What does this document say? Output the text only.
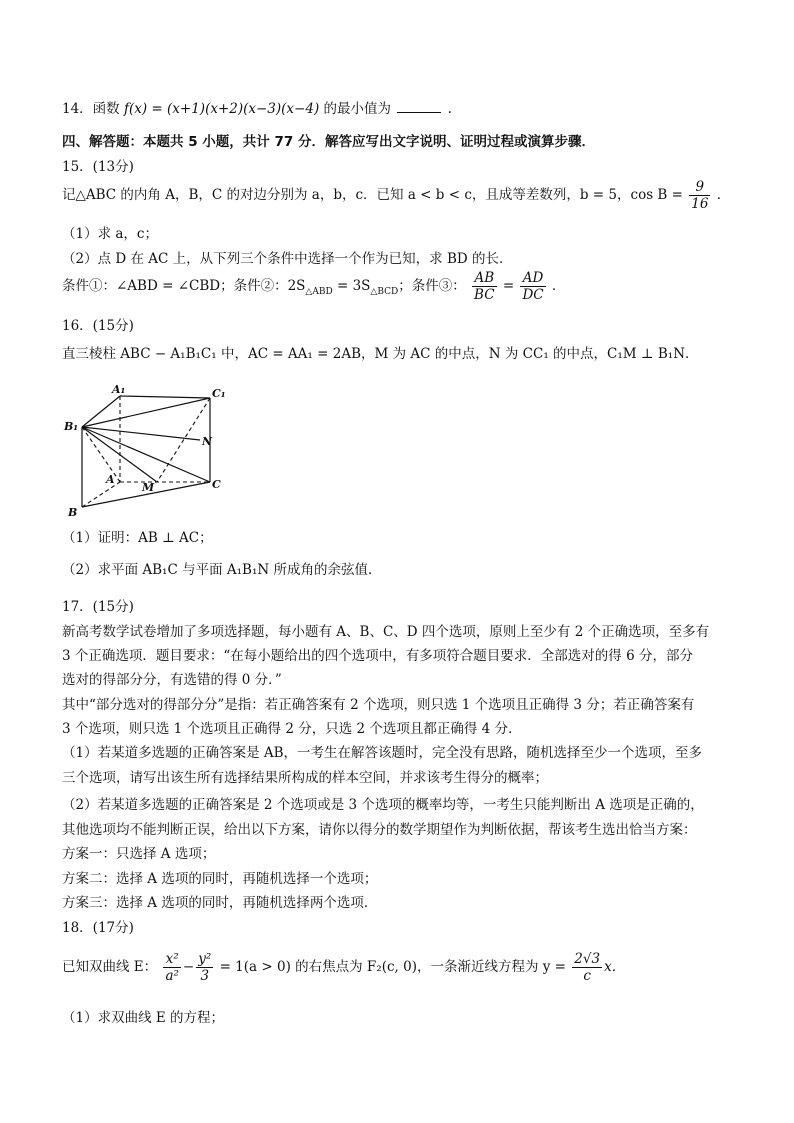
14．函数 f(x) = (x+1)(x+2)(x−3)(x−4) 的最小值为	.
四、解答题：本题共 5 小题，共计 77 分．解答应写出文字说明、证明过程或演算步骤．
15．(13分)
记△ABC 的内角 A，B，C 的对边分别为 a，b，c．已知 a < b < c，且成等差数列，b = 5，$\cos B = \frac{9}{16}$ ．
（1）求 a，c；
（2）点 D 在 AC 上，从下列三个条件中选择一个作为已知，求 BD 的长．
条件①：∠ABD = ∠CBD；条件②：$2S_{\triangle ABD} = 3S_{\triangle BCD}$；条件③： $\frac{AB}{BC} = \frac{AD}{DC}$ ．
16．(15分)
直三棱柱 ABC − A₁B₁C₁ 中，AC = AA₁ = 2AB，M 为 AC 的中点，N 为 CC₁ 的中点，C₁M ⊥ B₁N．
A₁	C₁
B₁
N
A
M	C
B
（1）证明：AB ⊥ AC；
（2）求平面 AB₁C 与平面 A₁B₁N 所成角的余弦值．
17．(15分)
新高考数学试卷增加了多项选择题，每小题有 A、B、C、D 四个选项，原则上至少有 2 个正确选项，至多有
3 个正确选项．题目要求：“在每小题给出的四个选项中，有多项符合题目要求．全部选对的得 6 分，部分
选对的得部分分，有选错的得 0 分．”
其中“部分选对的得部分分”是指：若正确答案有 2 个选项，则只选 1 个选项且正确得 3 分；若正确答案有
3 个选项，则只选 1 个选项且正确得 2 分，只选 2 个选项且都正确得 4 分．
（1）若某道多选题的正确答案是 AB，一考生在解答该题时，完全没有思路，随机选择至少一个选项，至多
三个选项，请写出该生所有选择结果所构成的样本空间，并求该考生得分的概率；
（2）若某道多选题的正确答案是 2 个选项或是 3 个选项的概率均等，一考生只能判断出 A 选项是正确的，
其他选项均不能判断正误，给出以下方案，请你以得分的数学期望作为判断依据，帮该考生选出恰当方案：
方案一：只选择 A 选项；
方案二：选择 A 选项的同时，再随机选择一个选项；
方案三：选择 A 选项的同时，再随机选择两个选项．
18．(17分)
已知双曲线 E： $\frac{\text{x²}}{\text{a²}} - \frac{\text{y²}}{3} = 1(a > 0)$ 的右焦点为 F₂(c, 0)，一条渐近线方程为 $y = \frac{2√3}{c}$ x．
（1）求双曲线 E 的方程；
